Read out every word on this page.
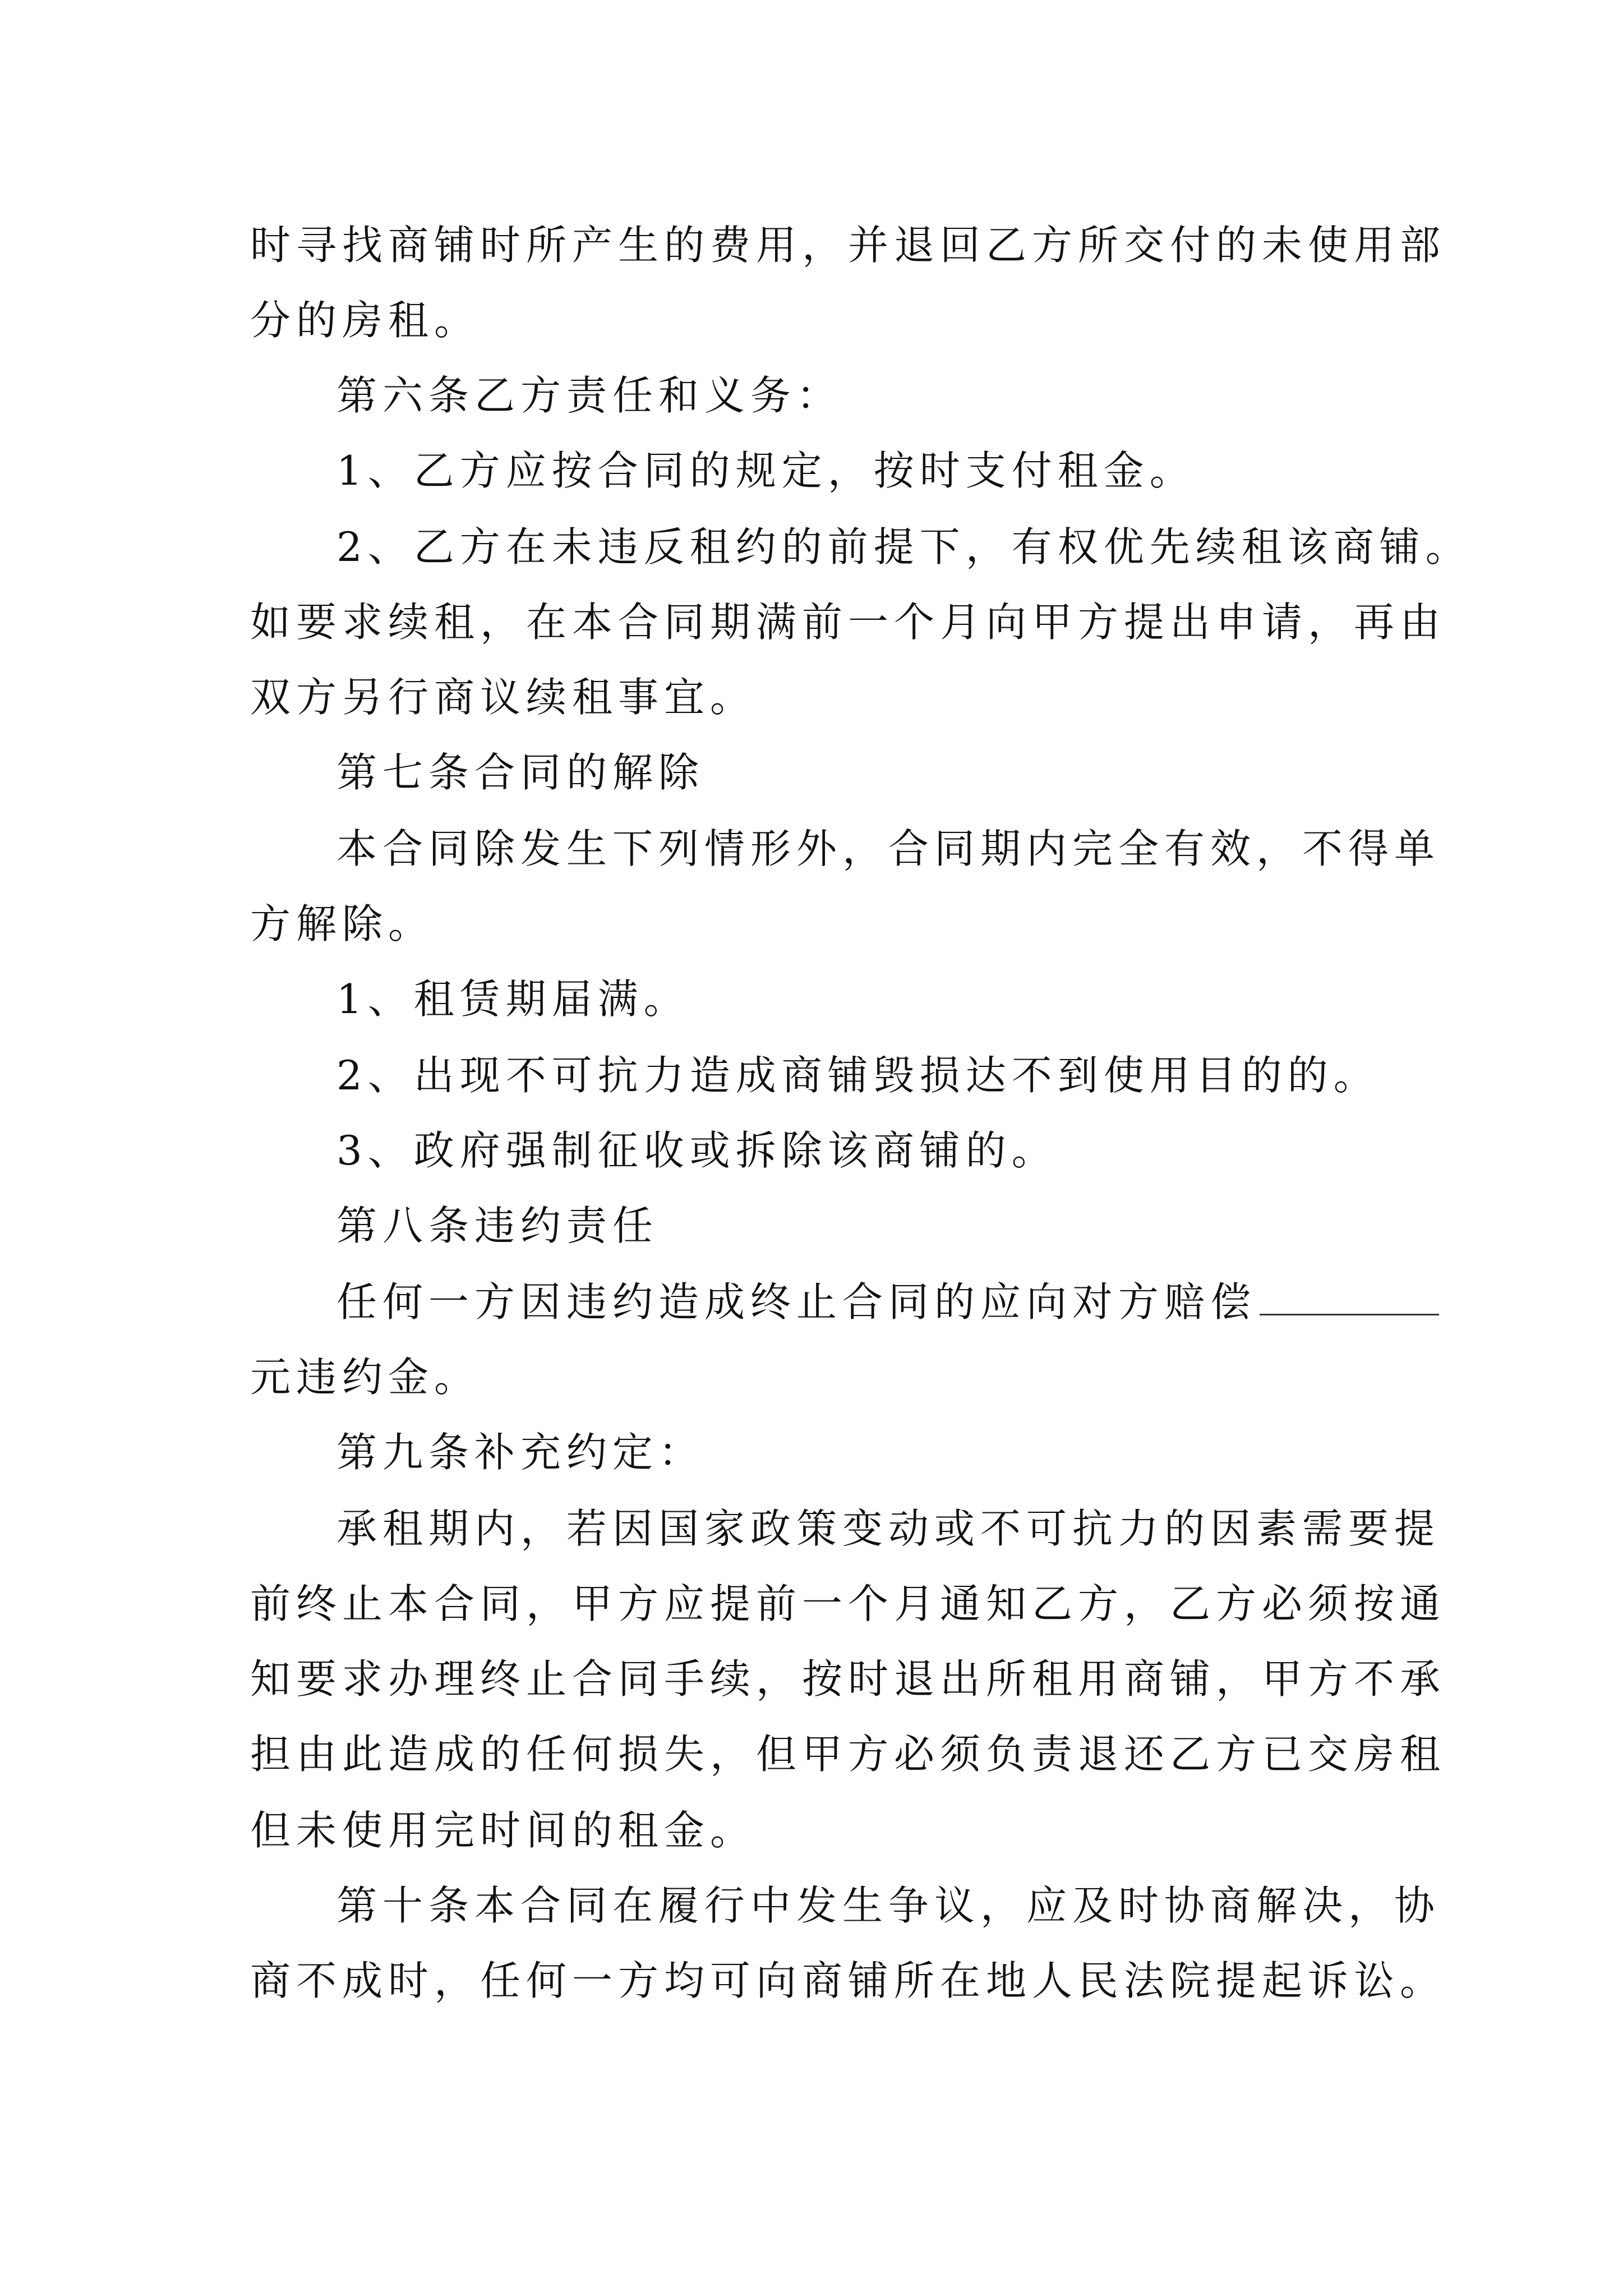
时寻找商铺时所产生的费用，并退回乙方所交付的未使用部
分的房租。
第六条乙方责任和义务：
1、乙方应按合同的规定，按时支付租金。
2、乙方在未违反租约的前提下，有权优先续租该商铺。
如要求续租，在本合同期满前一个月向甲方提出申请，再由
双方另行商议续租事宜。
第七条合同的解除
本合同除发生下列情形外，合同期内完全有效，不得单
方解除。
1、租赁期届满。
2、出现不可抗力造成商铺毁损达不到使用目的的。
3、政府强制征收或拆除该商铺的。
第八条违约责任
任何一方因违约造成终止合同的应向对方赔偿
元违约金。
第九条补充约定：
承租期内，若因国家政策变动或不可抗力的因素需要提
前终止本合同，甲方应提前一个月通知乙方，乙方必须按通
知要求办理终止合同手续，按时退出所租用商铺，甲方不承
担由此造成的任何损失，但甲方必须负责退还乙方已交房租
但未使用完时间的租金。
第十条本合同在履行中发生争议，应及时协商解决，协
商不成时，任何一方均可向商铺所在地人民法院提起诉讼。
